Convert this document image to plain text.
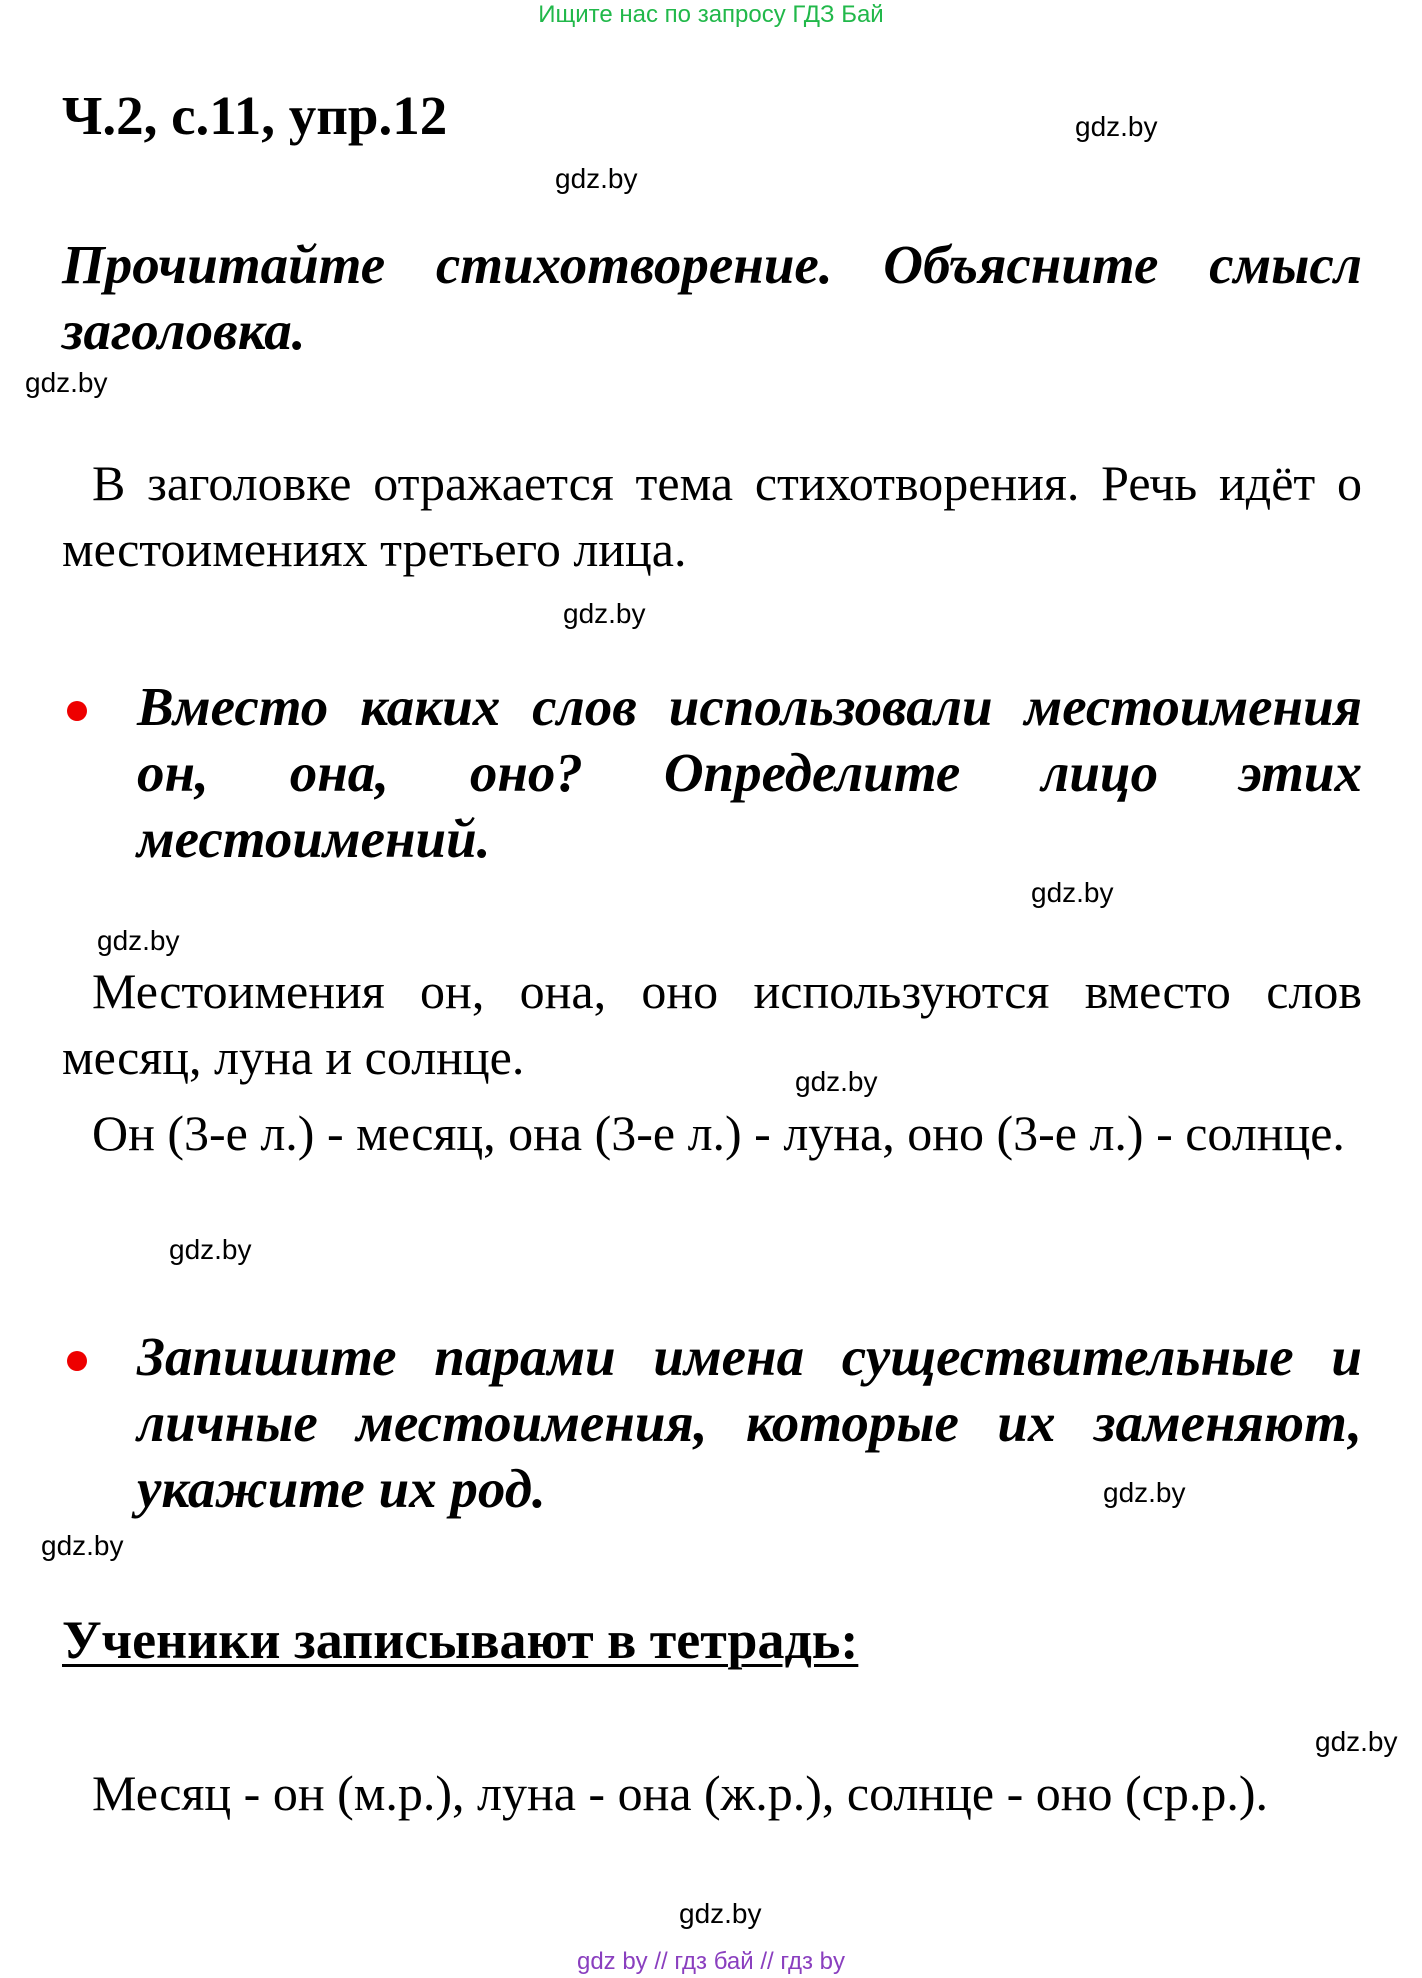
Ищите нас по запросу ГДЗ Бай
Ч.2, с.11, упр.12	gdz.by
gdz.by
gdz.by
gdz.by
gdz.by
gdz.by
gdz.by
gdz.by
gdz.by
gdz.by
gdz.by
gdz.by
Прочитайте стихотворение. Объясните смысл заголовка.
В заголовке отражается тема стихотворения. Речь идёт о местоимениях третьего лица.
Вместо каких слов использовали местоимения он, она, оно? Определите лицо этих местоимений.
Местоимения он, она, оно используются вместо слов месяц, луна и солнце.
Он (3-е л.) - месяц, она (3-е л.) - луна, оно (3-е л.) - солнце.
Запишите парами имена существительные и личные местоимения, которые их заменяют, укажите их род.
Ученики записывают в тетрадь:
Месяц - он (м.р.), луна - она (ж.р.), солнце - оно (ср.р.).
gdz by // гдз бай // гдз by
